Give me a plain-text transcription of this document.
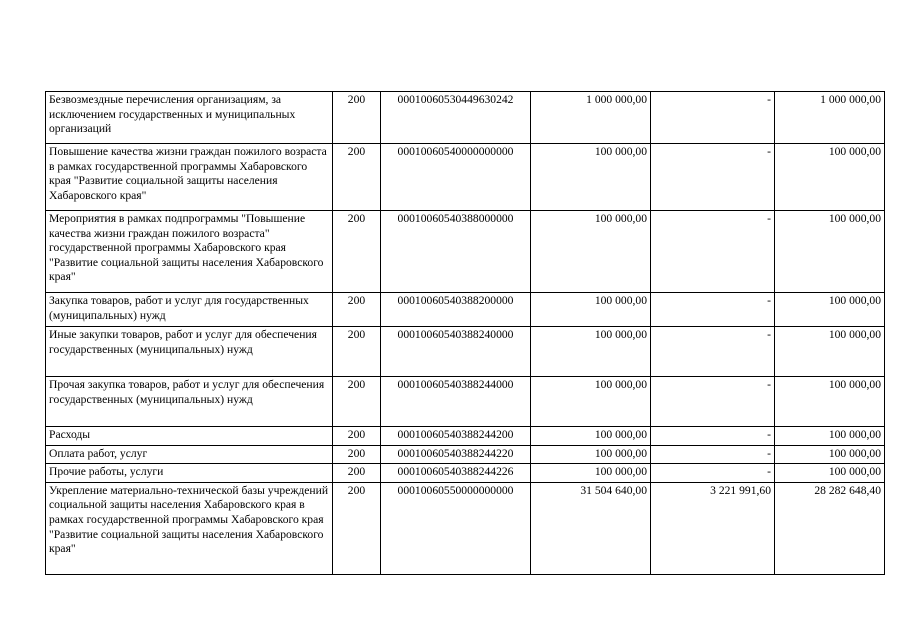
Безвозмездные перечисления организациям, за исключением государственных и муниципальных организаций	200	00010060530449630242	1 000 000,00	-	1 000 000,00
Повышение качества жизни граждан пожилого возраста в рамках государственной программы Хабаровского края "Развитие социальной защиты населения Хабаровского края"	200	00010060540000000000	100 000,00	-	100 000,00
Мероприятия в рамках подпрограммы "Повышение качества жизни граждан пожилого возраста" государственной программы Хабаровского края "Развитие социальной защиты населения Хабаровского края"	200	00010060540388000000	100 000,00	-	100 000,00
Закупка товаров, работ и услуг для государственных (муниципальных) нужд	200	00010060540388200000	100 000,00	-	100 000,00
Иные закупки товаров, работ и услуг для обеспечения государственных (муниципальных) нужд	200	00010060540388240000	100 000,00	-	100 000,00
Прочая закупка товаров, работ и услуг для обеспечения государственных (муниципальных) нужд	200	00010060540388244000	100 000,00	-	100 000,00
Расходы	200	00010060540388244200	100 000,00	-	100 000,00
Оплата работ, услуг	200	00010060540388244220	100 000,00	-	100 000,00
Прочие работы, услуги	200	00010060540388244226	100 000,00	-	100 000,00
Укрепление материально-технической базы учреждений социальной защиты населения Хабаровского края в рамках государственной программы Хабаровского края "Развитие социальной защиты населения Хабаровского края"	200	00010060550000000000	31 504 640,00	3 221 991,60	28 282 648,40
